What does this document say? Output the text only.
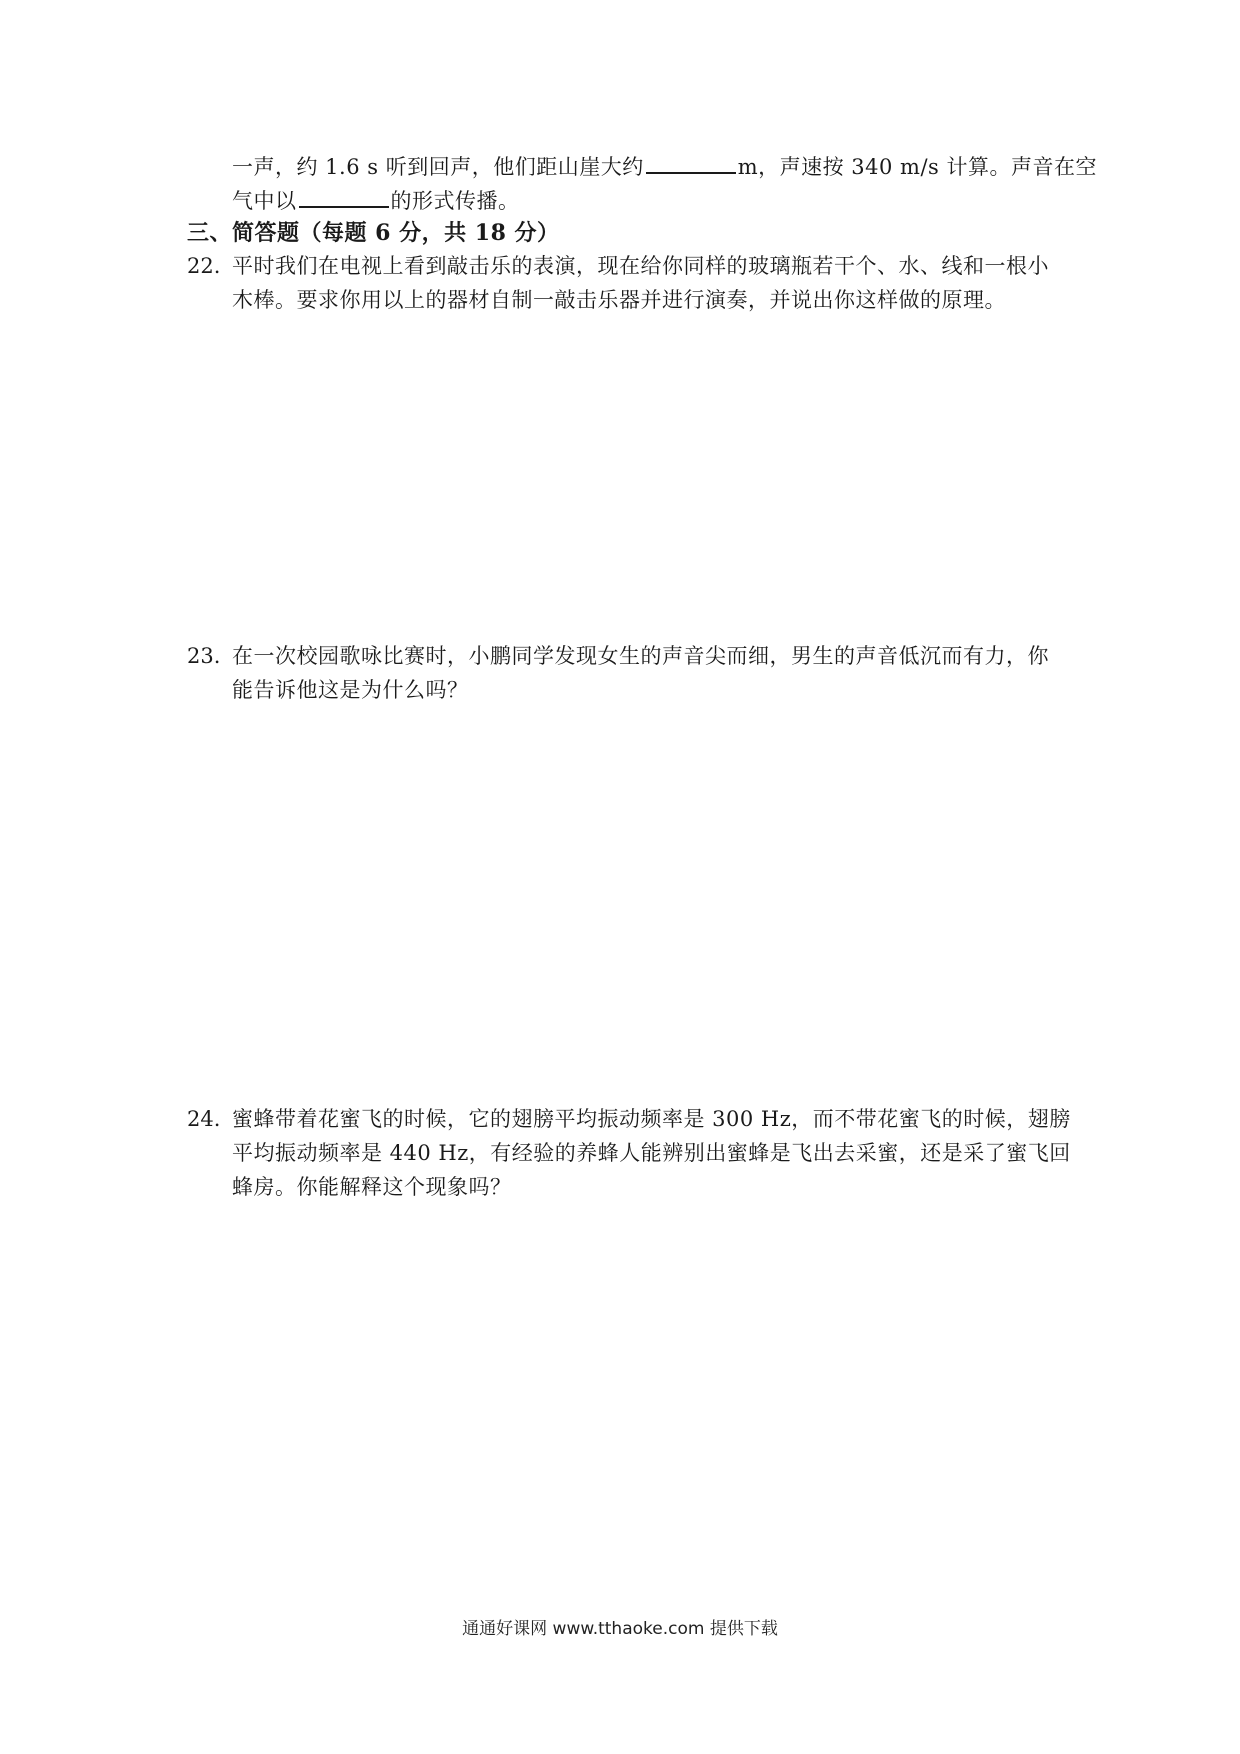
一声，约 1.6 s 听到回声，他们距山崖大约	m，声速按 340 m/s 计算。声音在空
气中以	的形式传播。
三、简答题（每题 6 分，共 18 分）
22. 平时我们在电视上看到敲击乐的表演，现在给你同样的玻璃瓶若干个、水、线和一根小
木棒。要求你用以上的器材自制一敲击乐器并进行演奏，并说出你这样做的原理。
23. 在一次校园歌咏比赛时，小鹏同学发现女生的声音尖而细，男生的声音低沉而有力，你
能告诉他这是为什么吗？
24. 蜜蜂带着花蜜飞的时候，它的翅膀平均振动频率是 300 Hz，而不带花蜜飞的时候，翅膀
平均振动频率是 440 Hz，有经验的养蜂人能辨别出蜜蜂是飞出去采蜜，还是采了蜜飞回
蜂房。你能解释这个现象吗？
通通好课网 www.tthaoke.com 提供下载
